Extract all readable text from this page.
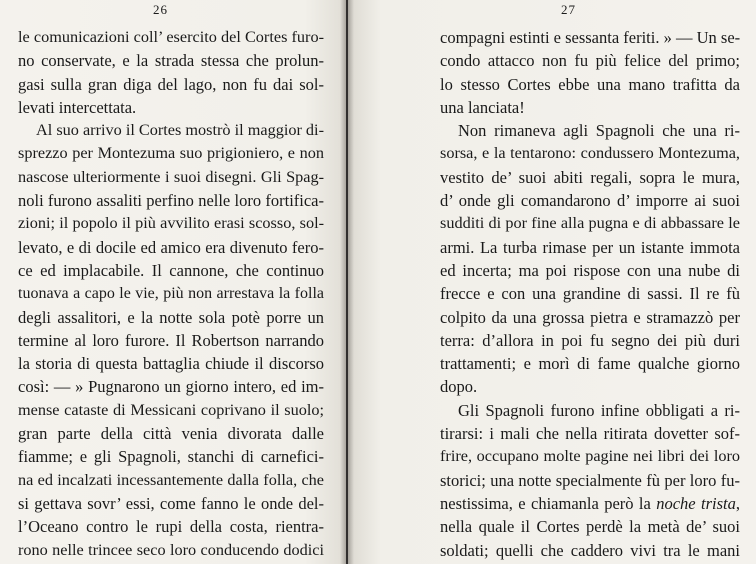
26
le comunicazioni coll’ esercito del Cortes furo-
no conservate, e la strada stessa che prolun-
gasi sulla gran diga del lago, non fu dai sol-
levati intercettata.
Al suo arrivo il Cortes mostrò il maggior di-
sprezzo per Montezuma suo prigioniero, e non
nascose ulteriormente i suoi disegni. Gli Spag-
noli furono assaliti perfino nelle loro fortifica-
zioni; il popolo il più avvilito erasi scosso, sol-
levato, e di docile ed amico era divenuto fero-
ce ed implacabile. Il cannone, che continuo
tuonava a capo le vie, più non arrestava la folla
degli assalitori, e la notte sola potè porre un
termine al loro furore. Il Robertson narrando
la storia di questa battaglia chiude il discorso
così: — » Pugnarono un giorno intero, ed im-
mense cataste di Messicani coprivano il suolo;
gran parte della città venia divorata dalle
fiamme; e gli Spagnoli, stanchi di carnefici-
na ed incalzati incessantemente dalla folla, che
si gettava sovr’ essi, come fanno le onde del-
l’Oceano contro le rupi della costa, rientra-
rono nelle trincee seco loro conducendo dodici
27
compagni estinti e sessanta feriti. » — Un se-
condo attacco non fu più felice del primo;
lo stesso Cortes ebbe una mano trafitta da
una lanciata!
Non rimaneva agli Spagnoli che una ri-
sorsa, e la tentarono: condussero Montezuma,
vestito de’ suoi abiti regali, sopra le mura,
d’ onde gli comandarono d’ imporre ai suoi
sudditi di por fine alla pugna e di abbassare le
armi. La turba rimase per un istante immota
ed incerta; ma poi rispose con una nube di
frecce e con una grandine di sassi. Il re fù
colpito da una grossa pietra e stramazzò per
terra: d’allora in poi fu segno dei più duri
trattamenti; e morì di fame qualche giorno
dopo.
Gli Spagnoli furono infine obbligati a ri-
tirarsi: i mali che nella ritirata dovetter sof-
frire, occupano molte pagine nei libri dei loro
storici; una notte specialmente fù per loro fu-
nestissima, e chiamanla però la noche trista,
nella quale il Cortes perdè la metà de’ suoi
soldati; quelli che caddero vivi tra le mani
